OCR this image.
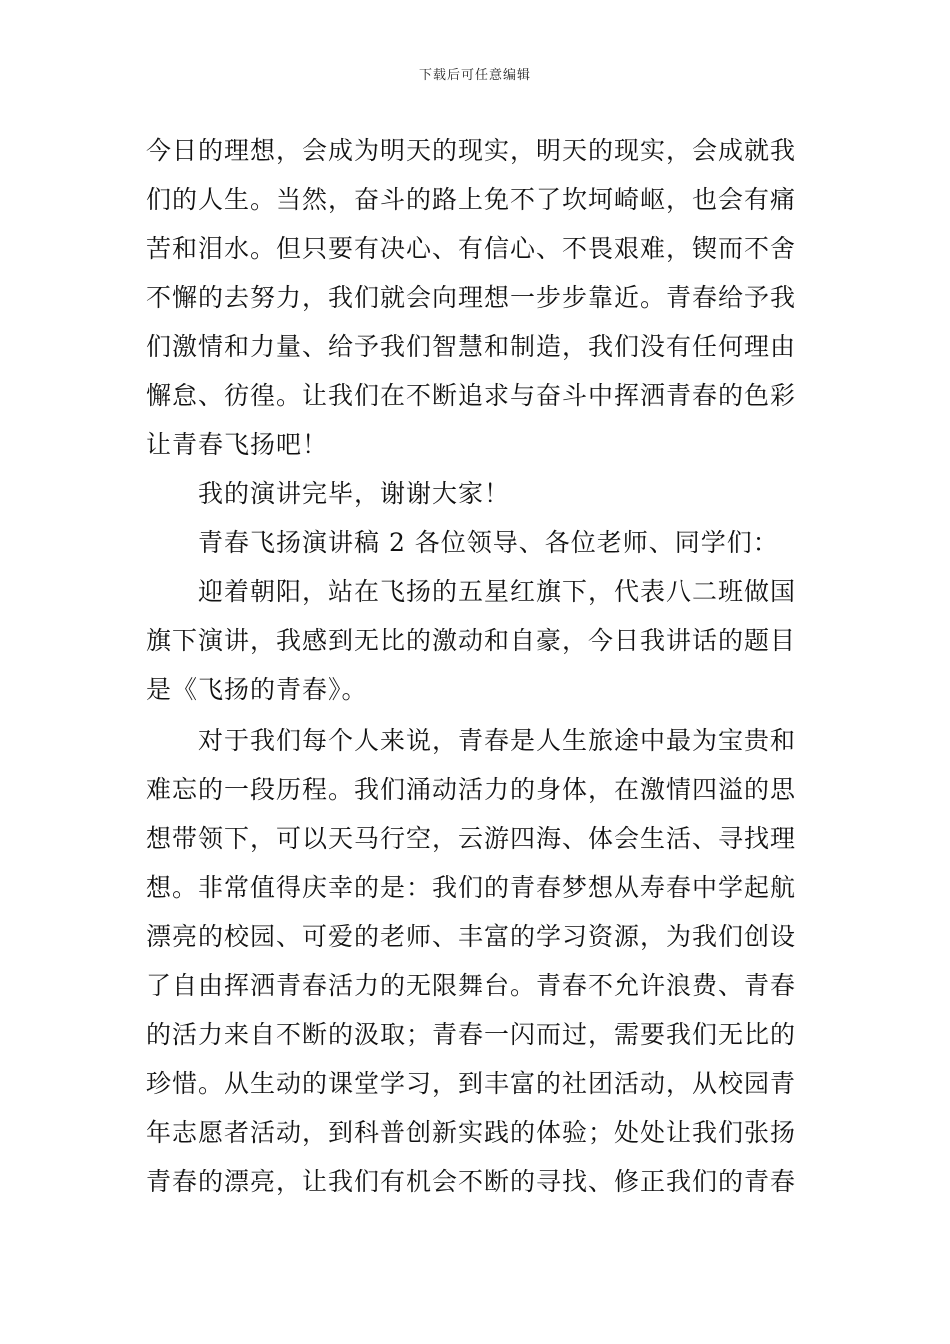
下载后可任意编辑
今日的理想，会成为明天的现实，明天的现实，会成就我
们的人生。当然，奋斗的路上免不了坎坷崎岖，也会有痛
苦和泪水。但只要有决心、有信心、不畏艰难，锲而不舍
不懈的去努力，我们就会向理想一步步靠近。青春给予我
们激情和力量、给予我们智慧和制造，我们没有任何理由
懈怠、彷徨。让我们在不断追求与奋斗中挥洒青春的色彩
让青春飞扬吧！
我的演讲完毕，谢谢大家！
青春飞扬演讲稿 2 各位领导、各位老师、同学们：
迎着朝阳，站在飞扬的五星红旗下，代表八二班做国
旗下演讲，我感到无比的激动和自豪，今日我讲话的题目
是《飞扬的青春》。
对于我们每个人来说，青春是人生旅途中最为宝贵和
难忘的一段历程。我们涌动活力的身体，在激情四溢的思
想带领下，可以天马行空，云游四海、体会生活、寻找理
想。非常值得庆幸的是：我们的青春梦想从寿春中学起航
漂亮的校园、可爱的老师、丰富的学习资源，为我们创设
了自由挥洒青春活力的无限舞台。青春不允许浪费、青春
的活力来自不断的汲取；青春一闪而过，需要我们无比的
珍惜。从生动的课堂学习，到丰富的社团活动，从校园青
年志愿者活动，到科普创新实践的体验；处处让我们张扬
青春的漂亮，让我们有机会不断的寻找、修正我们的青春
